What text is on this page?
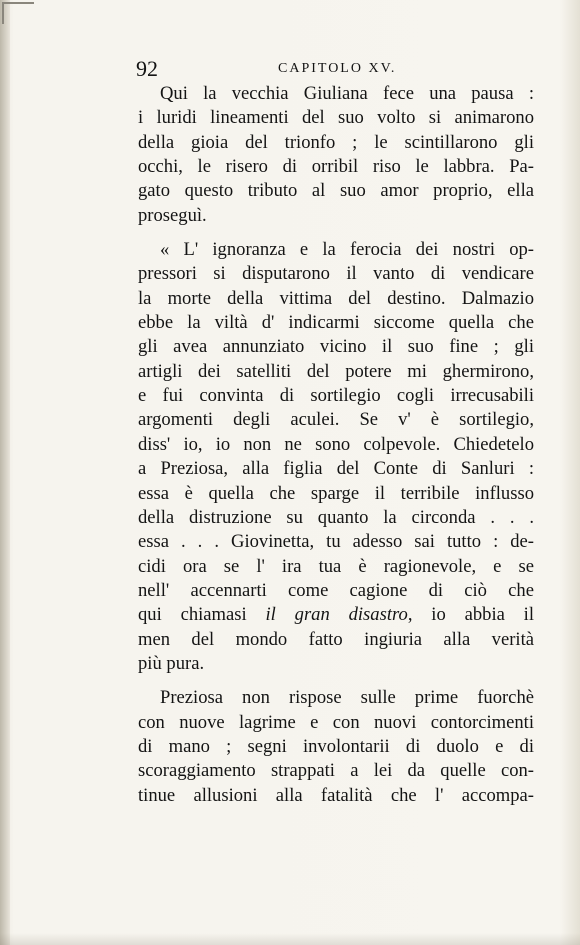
92	CAPITOLO XV.
Qui la vecchia Giuliana fece una pausa :
i luridi lineamenti del suo volto si animarono
della gioia del trionfo ; le scintillarono gli
occhi, le risero di orribil riso le labbra. Pa-
gato questo tributo al suo amor proprio, ella
proseguì.
« L' ignoranza e la ferocia dei nostri op-
pressori si disputarono il vanto di vendicare
la morte della vittima del destino. Dalmazio
ebbe la viltà d' indicarmi siccome quella che
gli avea annunziato vicino il suo fine ; gli
artigli dei satelliti del potere mi ghermirono,
e fui convinta di sortilegio cogli irrecusabili
argomenti degli aculei. Se v' è sortilegio,
diss' io, io non ne sono colpevole. Chiedetelo
a Preziosa, alla figlia del Conte di Sanluri :
essa è quella che sparge il terribile influsso
della distruzione su quanto la circonda . . .
essa . . . Giovinetta, tu adesso sai tutto : de-
cidi ora se l' ira tua è ragionevole, e se
nell' accennarti come cagione di ciò che
qui chiamasi il gran disastro, io abbia il
men del mondo fatto ingiuria alla verità
più pura.
Preziosa non rispose sulle prime fuorchè
con nuove lagrime e con nuovi contorcimenti
di mano ; segni involontarii di duolo e di
scoraggiamento strappati a lei da quelle con-
tinue allusioni alla fatalità che l' accompa-
